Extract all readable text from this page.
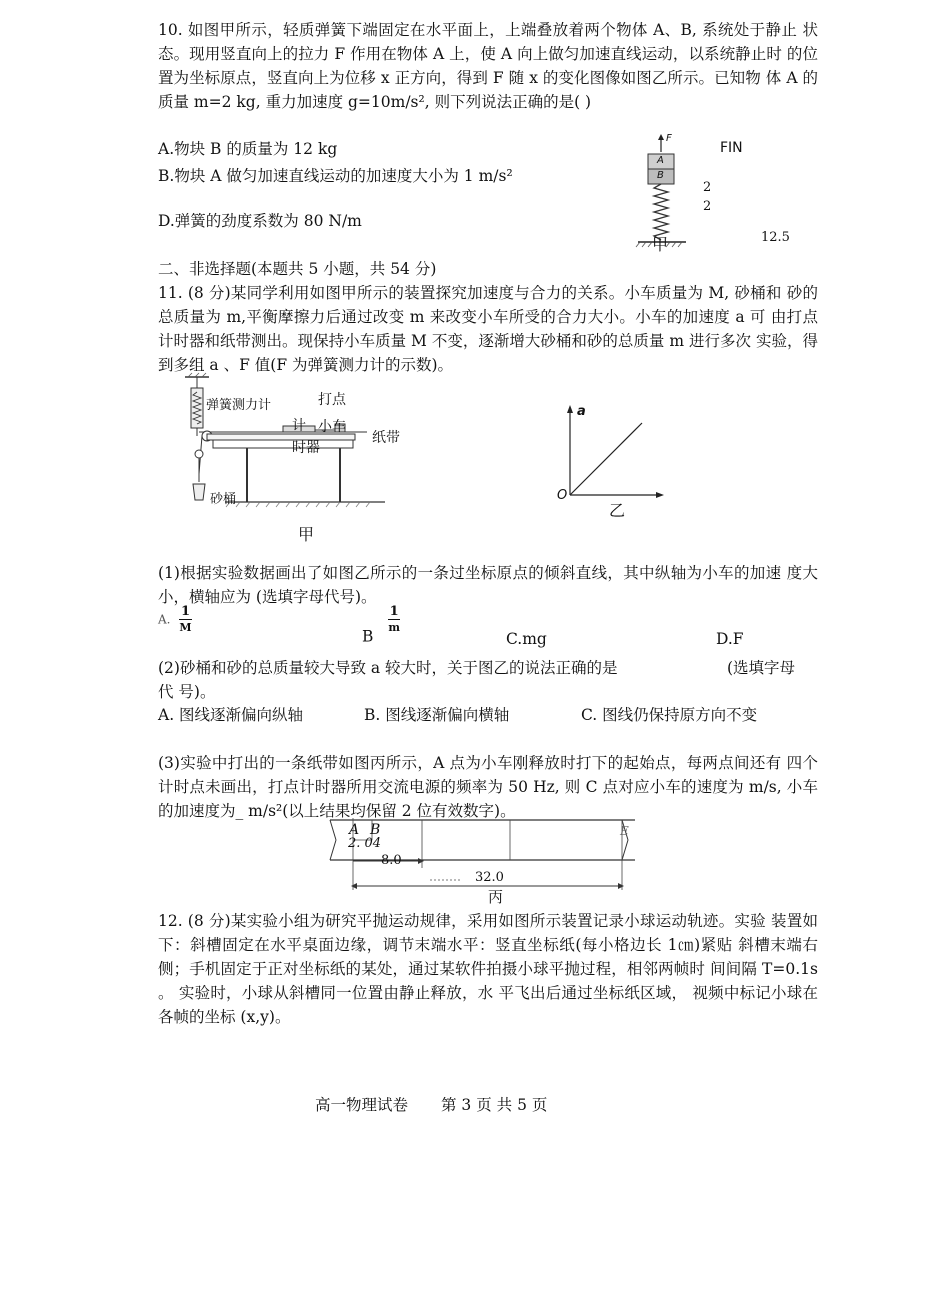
10. 如图甲所示，轻质弹簧下端固定在水平面上，上端叠放着两个物体 A、B, 系统处于静止 状态。现用竖直向上的拉力 F 作用在物体 A 上，使 A 向上做匀加速直线运动，以系统静止时 的位置为坐标原点，竖直向上为位移 x 正方向，得到 F 随 x 的变化图像如图乙所示。已知物 体 A 的质量 m=2 kg, 重力加速度 g=10m/s², 则下列说法正确的是( )
A.物块 B 的质量为 12 kg
B.物块 A 做匀加速直线运动的加速度大小为 1 m/s²
D.弹簧的劲度系数为 80 N/m
F
A
B
甲
FIN
2
2
12.5
二、非选择题(本题共 5 小题，共 54 分)
11. (8 分)某同学利用如图甲所示的装置探究加速度与合力的关系。小车质量为 M, 砂桶和 砂的总质量为 m,平衡摩擦力后通过改变 m 来改变小车所受的合力大小。小车的加速度 a 可 由打点计时器和纸带测出。现保持小车质量 M 不变，逐渐增大砂桶和砂的总质量 m 进行多次 实验，得到多组 a 、F 值(F 为弹簧测力计的示数)。
弹簧测力计	打点
计
时器
小车
纸带
砂桶
甲
a
O
乙
(1)根据实验数据画出了如图乙所示的一条过坐标原点的倾斜直线，其中纵轴为小车的加速 度大小，横轴应为 (选填字母代号)。
A.
1
M	B
1
m
C.mg	D.F
(2)砂桶和砂的总质量较大导致 a 较大时，关于图乙的说法正确的是	(选填字母
代 号)。
A. 图线逐渐偏向纵轴	B. 图线逐渐偏向横轴	C. 图线仍保持原方向不变
(3)实验中打出的一条纸带如图丙所示，A 点为小车刚释放时打下的起始点，每两点间还有 四个计时点未画出，打点计时器所用交流电源的频率为 50 Hz, 则 C 点对应小车的速度为 m/s, 小车的加速度为_ m/s²(以上结果均保留 2 位有效数字)。
A B	E
2. 04
8.0
32.0
丙
12. (8 分)某实验小组为研究平抛运动规律，采用如图所示装置记录小球运动轨迹。实验 装置如下：斜槽固定在水平桌面边缘，调节末端水平：竖直坐标纸(每小格边长 1㎝)紧贴 斜槽末端右侧；手机固定于正对坐标纸的某处，通过某软件拍摄小球平抛过程，相邻两帧时 间间隔 T=0.1s 。 实验时，小球从斜槽同一位置由静止释放，水 平飞出后通过坐标纸区域， 视频中标记小球在各帧的坐标 (x,y)。
高一物理试卷 第 3 页 共 5 页
